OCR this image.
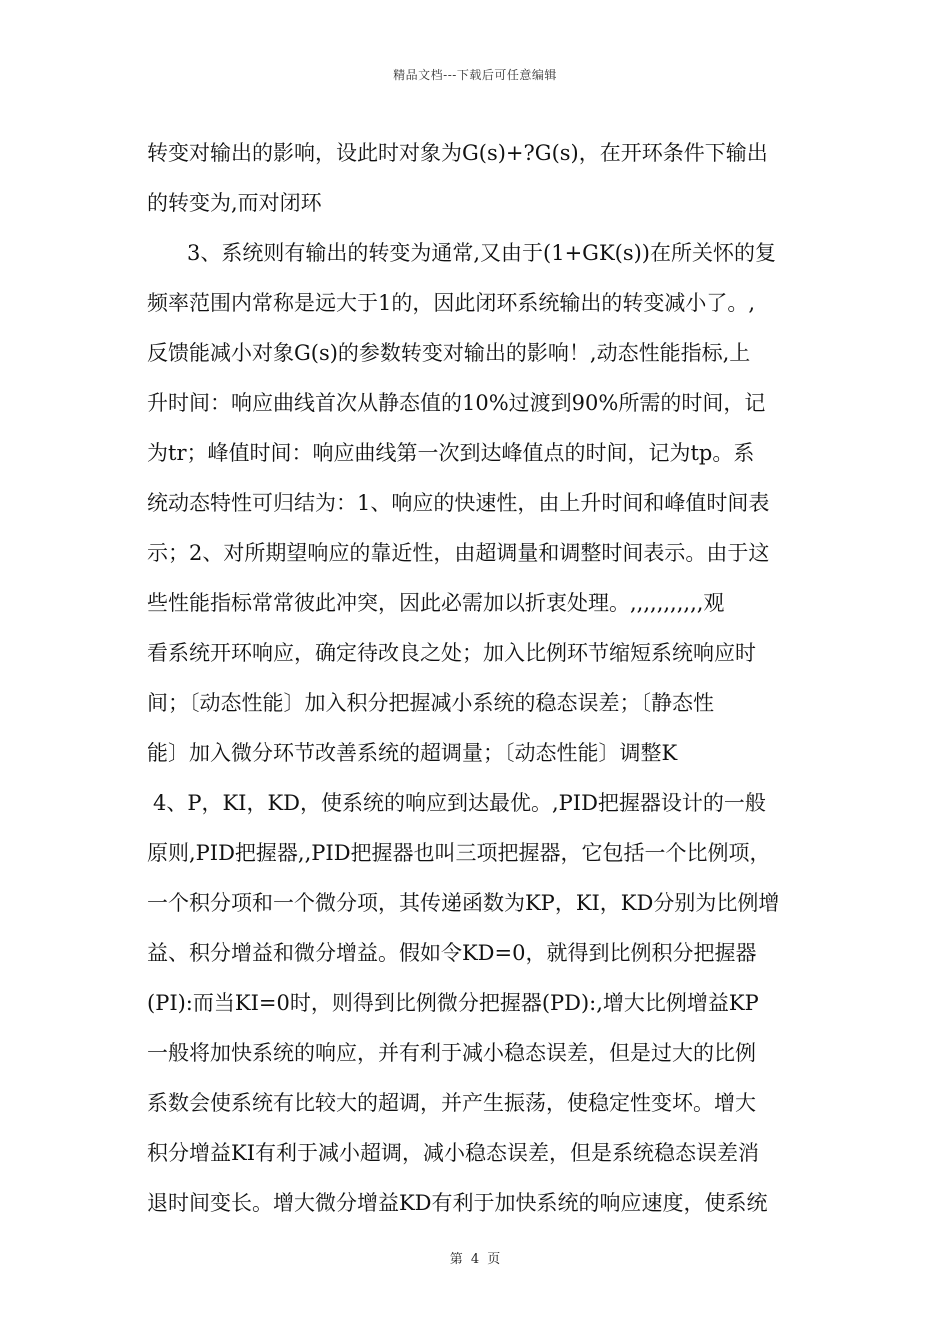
精品文档---下载后可任意编辑
转变对输出的影响，设此时对象为G(s)+?G(s)，在开环条件下输出
的转变为,而对闭环
3、系统则有输出的转变为通常,又由于(1+GK(s))在所关怀的复
频率范围内常称是远大于1的，因此闭环系统输出的转变减小了。,
反馈能减小对象G(s)的参数转变对输出的影响！,动态性能指标,上
升时间：响应曲线首次从静态值的10%过渡到90%所需的时间，记
为tr；峰值时间：响应曲线第一次到达峰值点的时间，记为tp。系
统动态特性可归结为：1、响应的快速性，由上升时间和峰值时间表
示；2、对所期望响应的靠近性，由超调量和调整时间表示。由于这
些性能指标常常彼此冲突，因此必需加以折衷处理。,,,,,,,,,,,观
看系统开环响应，确定待改良之处；加入比例环节缩短系统响应时
间；〔动态性能〕加入积分把握减小系统的稳态误差；〔静态性
能〕加入微分环节改善系统的超调量；〔动态性能〕调整K
4、P，KI，KD，使系统的响应到达最优。,PID把握器设计的一般
原则,PID把握器,,PID把握器也叫三项把握器，它包括一个比例项，
一个积分项和一个微分项，其传递函数为KP，KI，KD分别为比例增
益、积分增益和微分增益。假如令KD=0，就得到比例积分把握器
(PI):而当KI=0时，则得到比例微分把握器(PD):,增大比例增益KP
一般将加快系统的响应，并有利于减小稳态误差，但是过大的比例
系数会使系统有比较大的超调，并产生振荡，使稳定性变坏。增大
积分增益KI有利于减小超调，减小稳态误差，但是系统稳态误差消
退时间变长。增大微分增益KD有利于加快系统的响应速度，使系统
第 4 页
